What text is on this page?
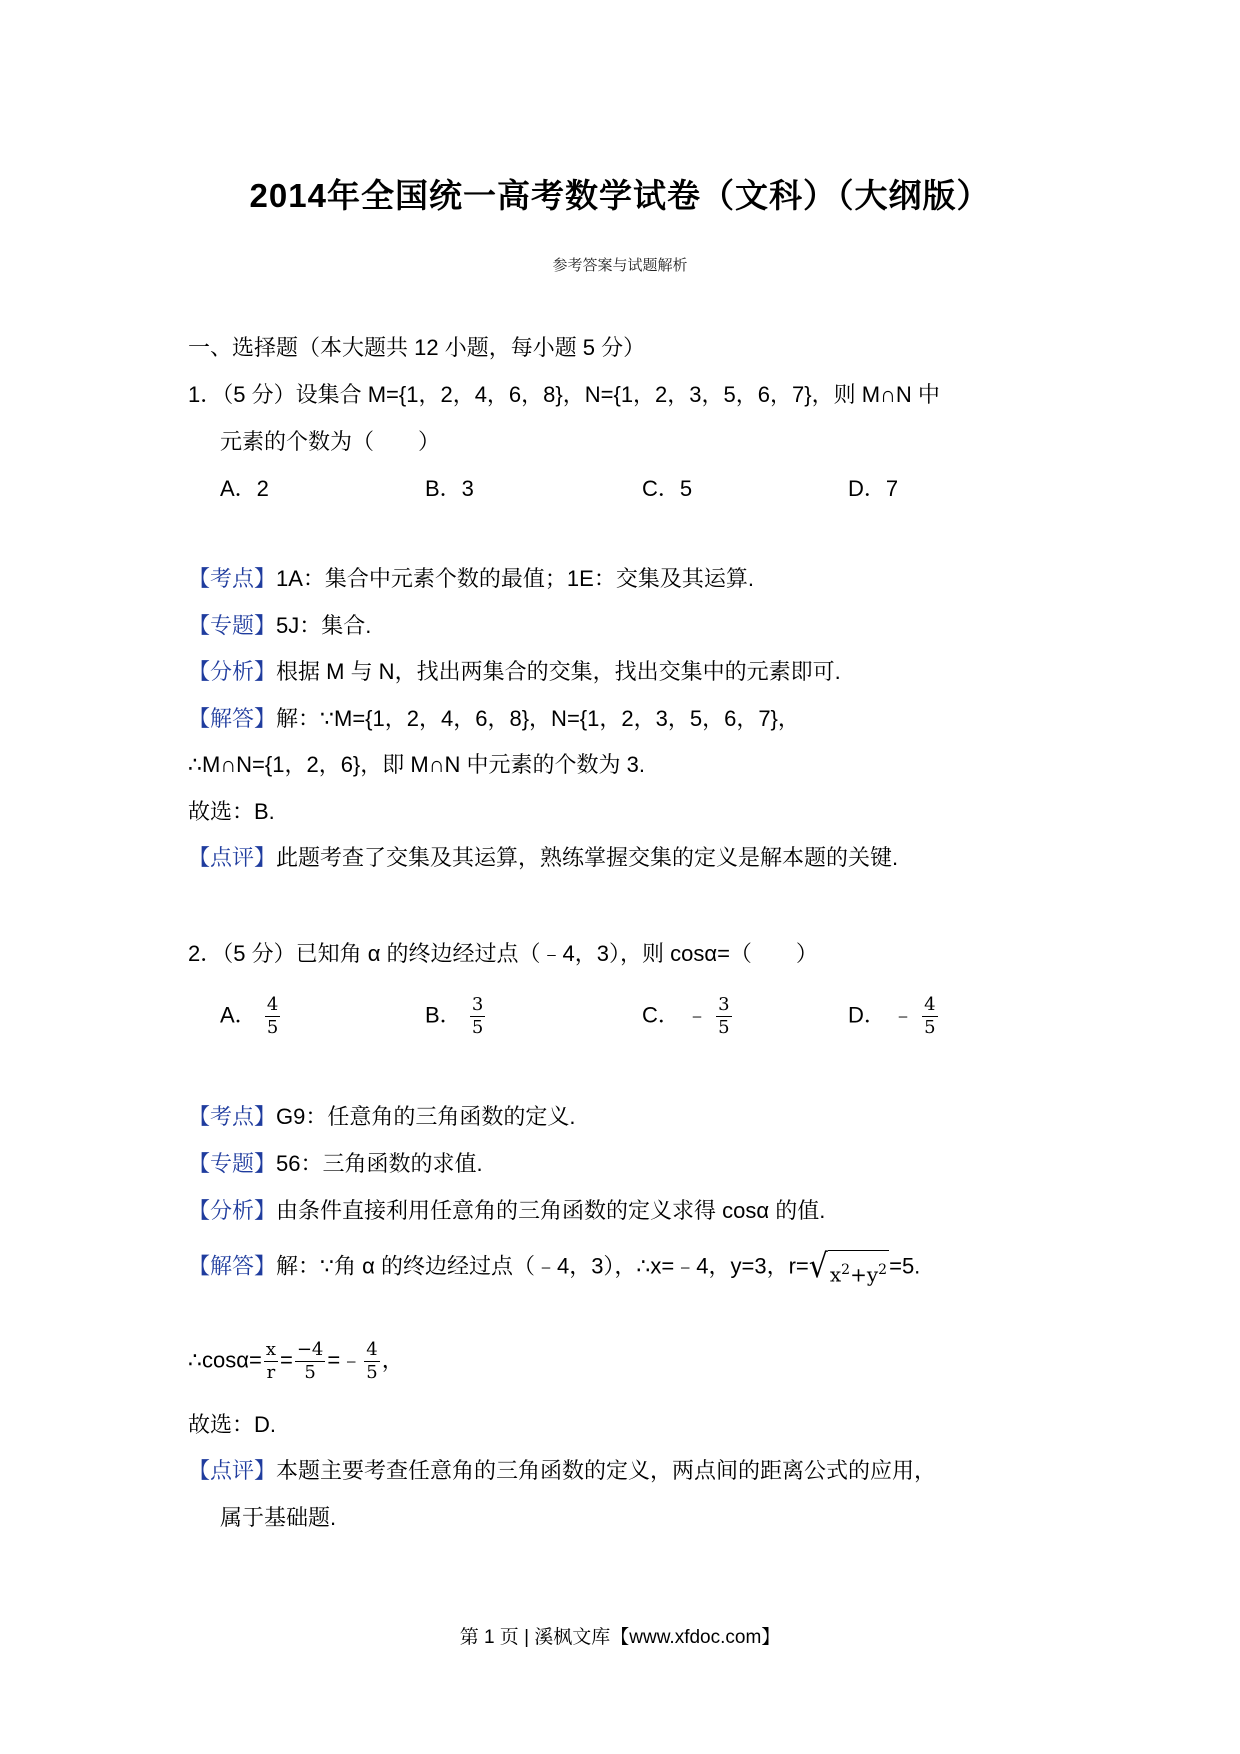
2014年全国统一高考数学试卷（文科）（大纲版）
参考答案与试题解析
一、选择题（本大题共 12 小题，每小题 5 分）
1．（5 分）设集合 M={1，2，4，6，8}，N={1，2，3，5，6，7}，则 M∩N 中
元素的个数为（　　）
A．2	B．3	C．5	D．7
【考点】1A：集合中元素个数的最值；1E：交集及其运算.
【专题】5J：集合.
【分析】根据 M 与 N，找出两集合的交集，找出交集中的元素即可.
【解答】解：∵M={1，2，4，6，8}，N={1，2，3，5，6，7}，
∴M∩N={1，2，6}，即 M∩N 中元素的个数为 3.
故选：B.
【点评】此题考查了交集及其运算，熟练掌握交集的定义是解本题的关键.
2．（5 分）已知角 α 的终边经过点（﹣4，3），则 cosα=（　　）
A． $\frac{4}{5}$	B． $\frac{3}{5}$	C． ﹣ $\frac{3}{5}$	D． ﹣ $\frac{4}{5}$
【考点】G9：任意角的三角函数的定义.
【专题】56：三角函数的求值.
【分析】由条件直接利用任意角的三角函数的定义求得 cosα 的值.
【解答】解：∵角 α 的终边经过点（﹣4，3），∴x=﹣4，y=3，r= √ $x^2+y^2 =5$.
∴cosα= $\frac{x}{r} = \frac{-4}{5}$ =﹣ $\frac{4}{5}$ ，
故选：D.
【点评】本题主要考查任意角的三角函数的定义，两点间的距离公式的应用，
属于基础题.
第 1 页 | 溪枫文库【www.xfdoc.com】
